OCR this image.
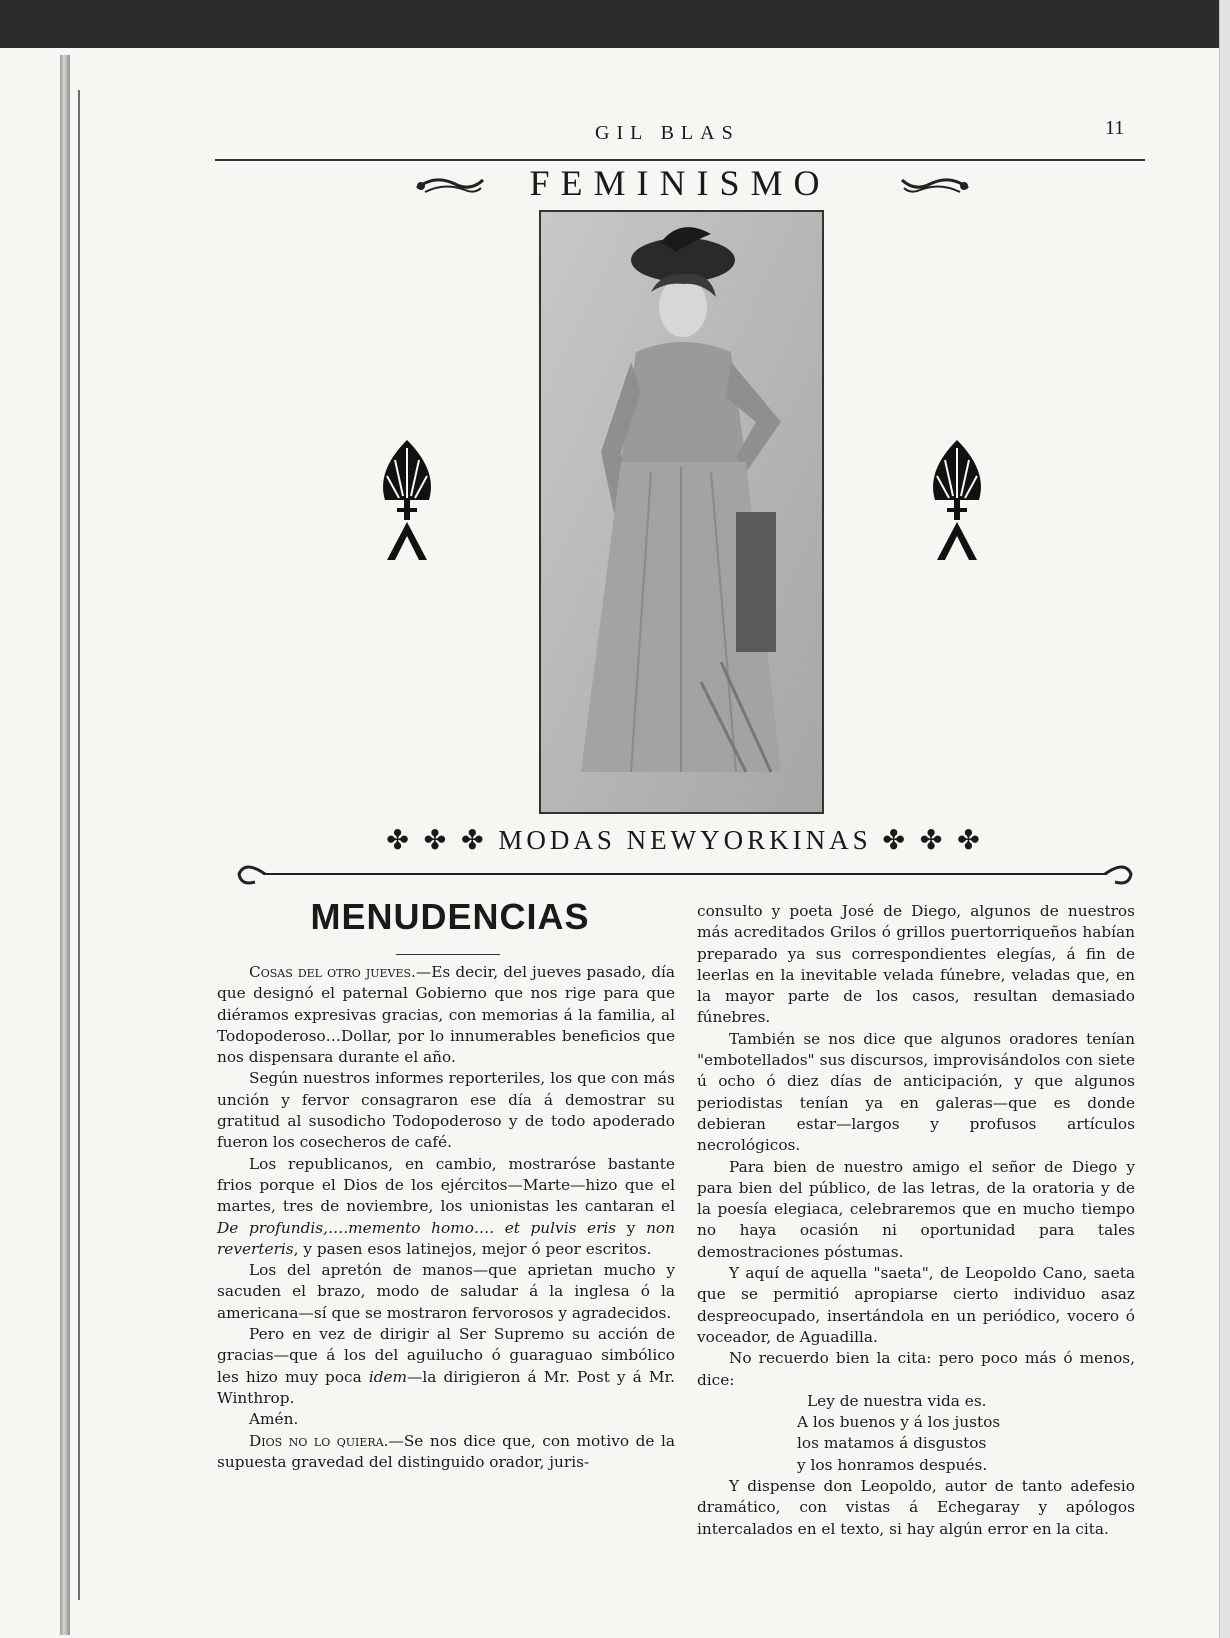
GIL BLAS	11
FEMINISMO
✤ ✤ ✤ MODAS NEWYORKINAS ✤ ✤ ✤
MENUDENCIAS

Cosas del otro jueves.—Es decir, del jueves pasado, día que designó el paternal Gobierno que nos rige para que diéramos expresivas gracias, con memorias á la familia, al Todopoderoso…Dollar, por lo innumerables beneficios que nos dispensara durante el año.

Según nuestros informes reporteriles, los que con más unción y fervor consagraron ese día á demostrar su gratitud al susodicho Todopoderoso y de todo apoderado fueron los cosecheros de café.

Los republicanos, en cambio, mostraróse bastante frios porque el Dios de los ejércitos—Marte—hizo que el martes, tres de noviembre, los unionistas les cantaran el De profundis,….memento homo…. et pulvis eris y non reverteris, y pasen esos latinejos, mejor ó peor escritos.

Los del apretón de manos—que aprietan mucho y sacuden el brazo, modo de saludar á la inglesa ó la americana—sí que se mostraron fervorosos y agradecidos.

Pero en vez de dirigir al Ser Supremo su acción de gracias—que á los del aguilucho ó guaraguao simbólico les hizo muy poca idem—la dirigieron á Mr. Post y á Mr. Winthrop.

Amén.

Dios no lo quiera.—Se nos dice que, con motivo de la supuesta gravedad del distinguido orador, juris-

consulto y poeta José de Diego, algunos de nuestros más acreditados Grilos ó grillos puertorriqueños habían preparado ya sus correspondientes elegías, á fin de leerlas en la inevitable velada fúnebre, veladas que, en la mayor parte de los casos, resultan demasiado fúnebres.

También se nos dice que algunos oradores tenían "embotellados" sus discursos, improvisándolos con siete ú ocho ó diez días de anticipación, y que algunos periodistas tenían ya en galeras—que es donde debieran estar—largos y profusos artículos necrológicos.

Para bien de nuestro amigo el señor de Diego y para bien del público, de las letras, de la oratoria y de la poesía elegiaca, celebraremos que en mucho tiempo no haya ocasión ni oportunidad para tales demostraciones póstumas.

Y aquí de aquella "saeta", de Leopoldo Cano, saeta que se permitió apropiarse cierto individuo asaz despreocupado, insertándola en un periódico, vocero ó voceador, de Aguadilla.

No recuerdo bien la cita: pero poco más ó menos, dice:

Ley de nuestra vida es.
A los buenos y á los justos
los matamos á disgustos
y los honramos después.

Y dispense don Leopoldo, autor de tanto adefesio dramático, con vistas á Echegaray y apólogos intercalados en el texto, si hay algún error en la cita.
